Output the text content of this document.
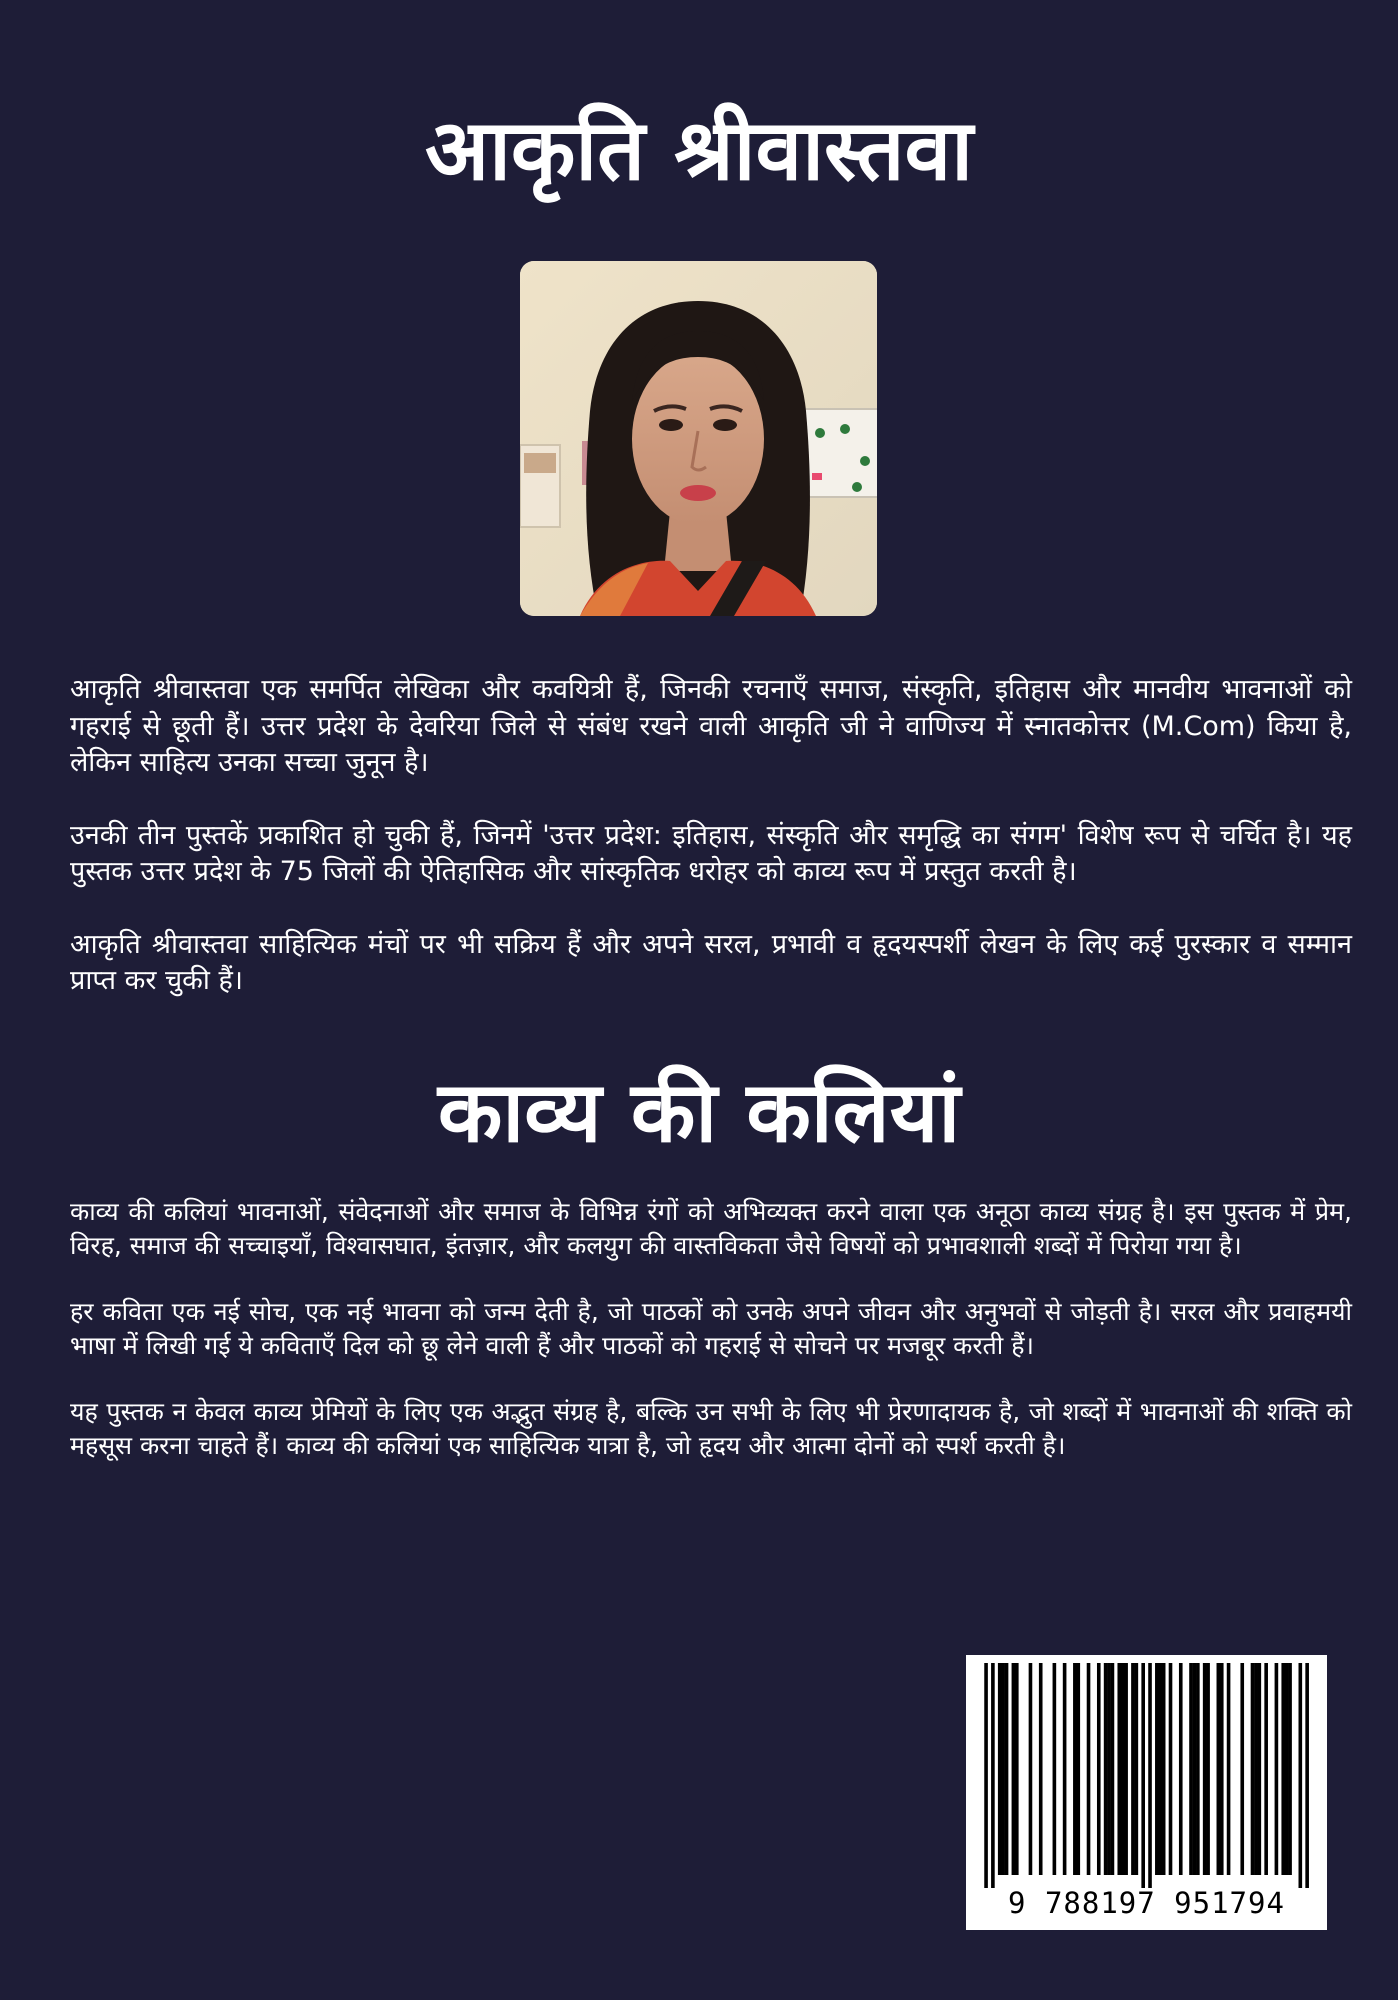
आकृति श्रीवास्तवा

आकृति श्रीवास्तवा एक समर्पित लेखिका और कवयित्री हैं, जिनकी रचनाएँ समाज, संस्कृति, इतिहास और मानवीय भावनाओं को गहराई से छूती हैं। उत्तर प्रदेश के देवरिया जिले से संबंध रखने वाली आकृति जी ने वाणिज्य में स्नातकोत्तर (M.Com) किया है, लेकिन साहित्य उनका सच्चा जुनून है।

उनकी तीन पुस्तकें प्रकाशित हो चुकी हैं, जिनमें 'उत्तर प्रदेश: इतिहास, संस्कृति और समृद्धि का संगम' विशेष रूप से चर्चित है। यह पुस्तक उत्तर प्रदेश के 75 जिलों की ऐतिहासिक और सांस्कृतिक धरोहर को काव्य रूप में प्रस्तुत करती है।

आकृति श्रीवास्तवा साहित्यिक मंचों पर भी सक्रिय हैं और अपने सरल, प्रभावी व हृदयस्पर्शी लेखन के लिए कई पुरस्कार व सम्मान प्राप्त कर चुकी हैं।

काव्य की कलियां

काव्य की कलियां भावनाओं, संवेदनाओं और समाज के विभिन्न रंगों को अभिव्यक्त करने वाला एक अनूठा काव्य संग्रह है। इस पुस्तक में प्रेम, विरह, समाज की सच्चाइयाँ, विश्वासघात, इंतज़ार, और कलयुग की वास्तविकता जैसे विषयों को प्रभावशाली शब्दों में पिरोया गया है।

हर कविता एक नई सोच, एक नई भावना को जन्म देती है, जो पाठकों को उनके अपने जीवन और अनुभवों से जोड़ती है। सरल और प्रवाहमयी भाषा में लिखी गई ये कविताएँ दिल को छू लेने वाली हैं और पाठकों को गहराई से सोचने पर मजबूर करती हैं।

यह पुस्तक न केवल काव्य प्रेमियों के लिए एक अद्भुत संग्रह है, बल्कि उन सभी के लिए भी प्रेरणादायक है, जो शब्दों में भावनाओं की शक्ति को महसूस करना चाहते हैं। काव्य की कलियां एक साहित्यिक यात्रा है, जो हृदय और आत्मा दोनों को स्पर्श करती है।

9 788197 951794
